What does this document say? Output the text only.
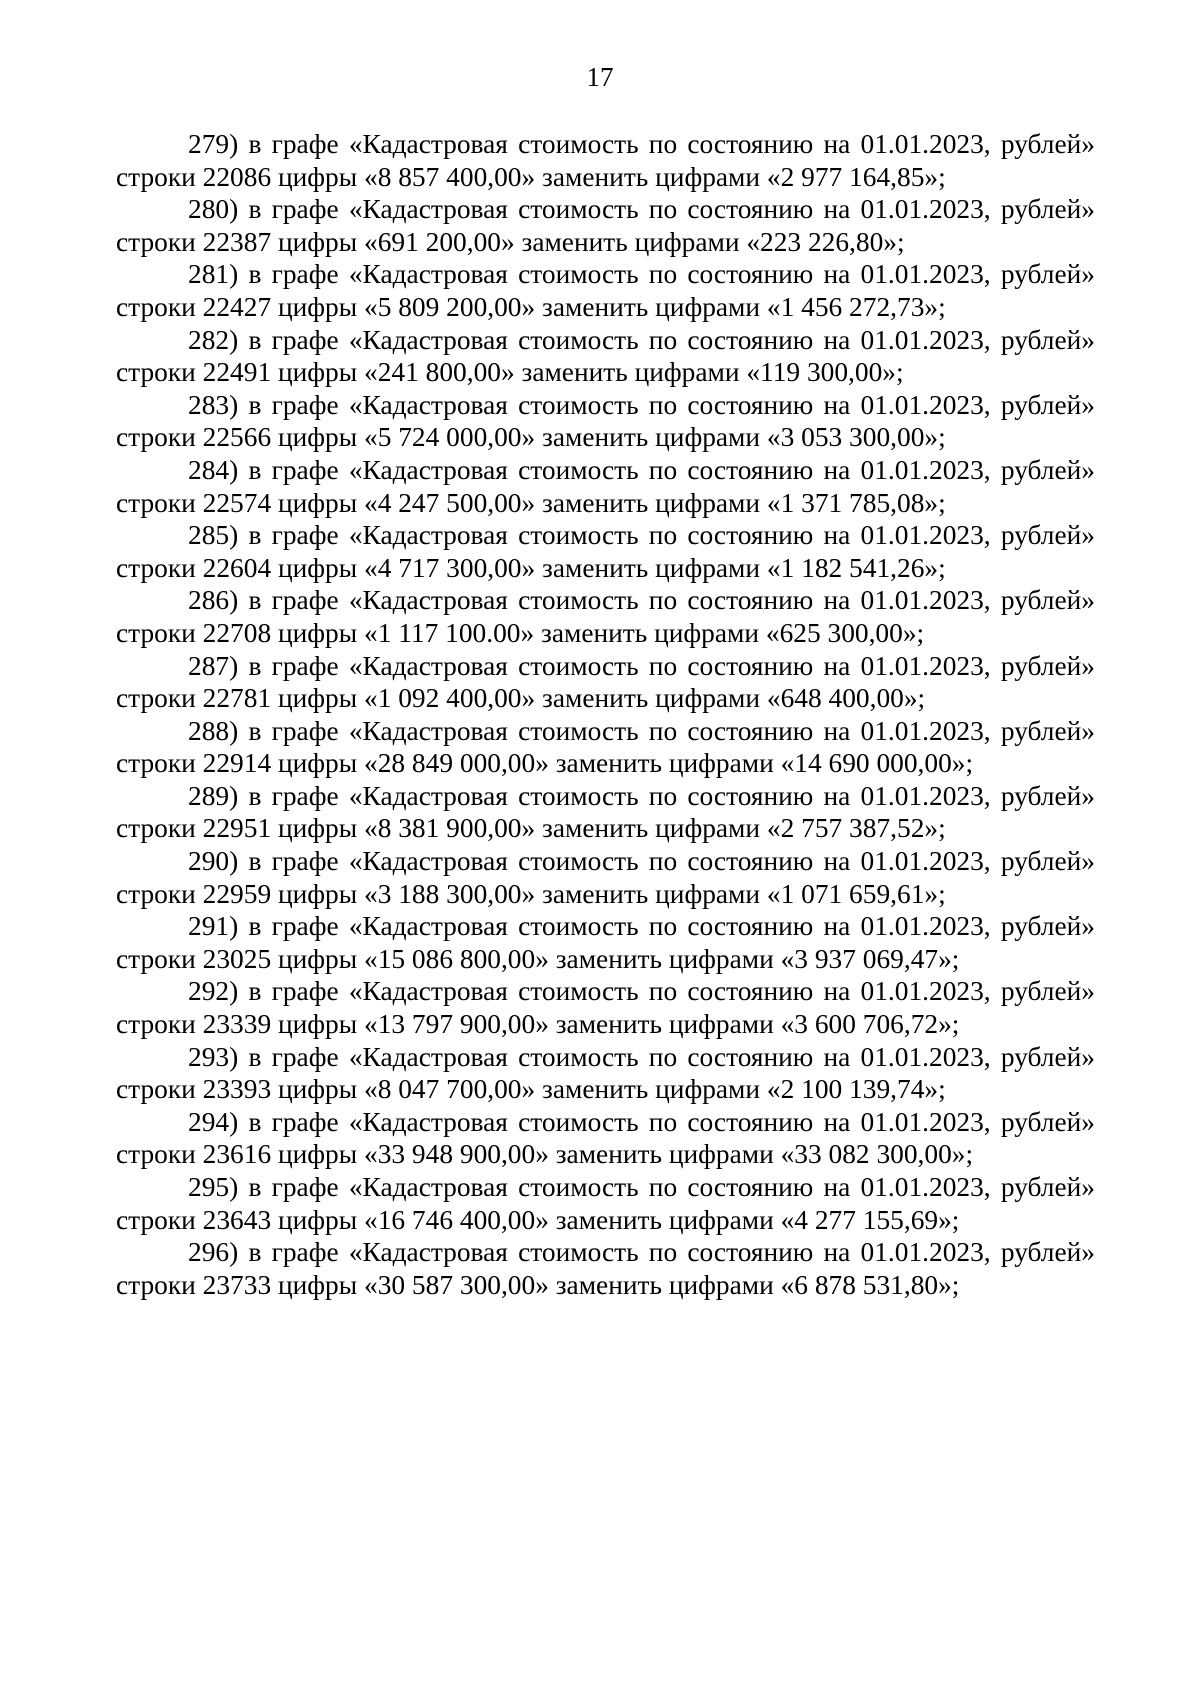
17

279) в графе «Кадастровая стоимость по состоянию на 01.01.2023, рублей» строки 22086 цифры «8 857 400,00» заменить цифрами «2 977 164,85»;

280) в графе «Кадастровая стоимость по состоянию на 01.01.2023, рублей» строки 22387 цифры «691 200,00» заменить цифрами «223 226,80»;

281) в графе «Кадастровая стоимость по состоянию на 01.01.2023, рублей» строки 22427 цифры «5 809 200,00» заменить цифрами «1 456 272,73»;

282) в графе «Кадастровая стоимость по состоянию на 01.01.2023, рублей» строки 22491 цифры «241 800,00» заменить цифрами «119 300,00»;

283) в графе «Кадастровая стоимость по состоянию на 01.01.2023, рублей» строки 22566 цифры «5 724 000,00» заменить цифрами «3 053 300,00»;

284) в графе «Кадастровая стоимость по состоянию на 01.01.2023, рублей» строки 22574 цифры «4 247 500,00» заменить цифрами «1 371 785,08»;

285) в графе «Кадастровая стоимость по состоянию на 01.01.2023, рублей» строки 22604 цифры «4 717 300,00» заменить цифрами «1 182 541,26»;

286) в графе «Кадастровая стоимость по состоянию на 01.01.2023, рублей» строки 22708 цифры «1 117 100.00» заменить цифрами «625 300,00»;

287) в графе «Кадастровая стоимость по состоянию на 01.01.2023, рублей» строки 22781 цифры «1 092 400,00» заменить цифрами «648 400,00»;

288) в графе «Кадастровая стоимость по состоянию на 01.01.2023, рублей» строки 22914 цифры «28 849 000,00» заменить цифрами «14 690 000,00»;

289) в графе «Кадастровая стоимость по состоянию на 01.01.2023, рублей» строки 22951 цифры «8 381 900,00» заменить цифрами «2 757 387,52»;

290) в графе «Кадастровая стоимость по состоянию на 01.01.2023, рублей» строки 22959 цифры «3 188 300,00» заменить цифрами «1 071 659,61»;

291) в графе «Кадастровая стоимость по состоянию на 01.01.2023, рублей» строки 23025 цифры «15 086 800,00» заменить цифрами «3 937 069,47»;

292) в графе «Кадастровая стоимость по состоянию на 01.01.2023, рублей» строки 23339 цифры «13 797 900,00» заменить цифрами «3 600 706,72»;

293) в графе «Кадастровая стоимость по состоянию на 01.01.2023, рублей» строки 23393 цифры «8 047 700,00» заменить цифрами «2 100 139,74»;

294) в графе «Кадастровая стоимость по состоянию на 01.01.2023, рублей» строки 23616 цифры «33 948 900,00» заменить цифрами «33 082 300,00»;

295) в графе «Кадастровая стоимость по состоянию на 01.01.2023, рублей» строки 23643 цифры «16 746 400,00» заменить цифрами «4 277 155,69»;

296) в графе «Кадастровая стоимость по состоянию на 01.01.2023, рублей» строки 23733 цифры «30 587 300,00» заменить цифрами «6 878 531,80»;
